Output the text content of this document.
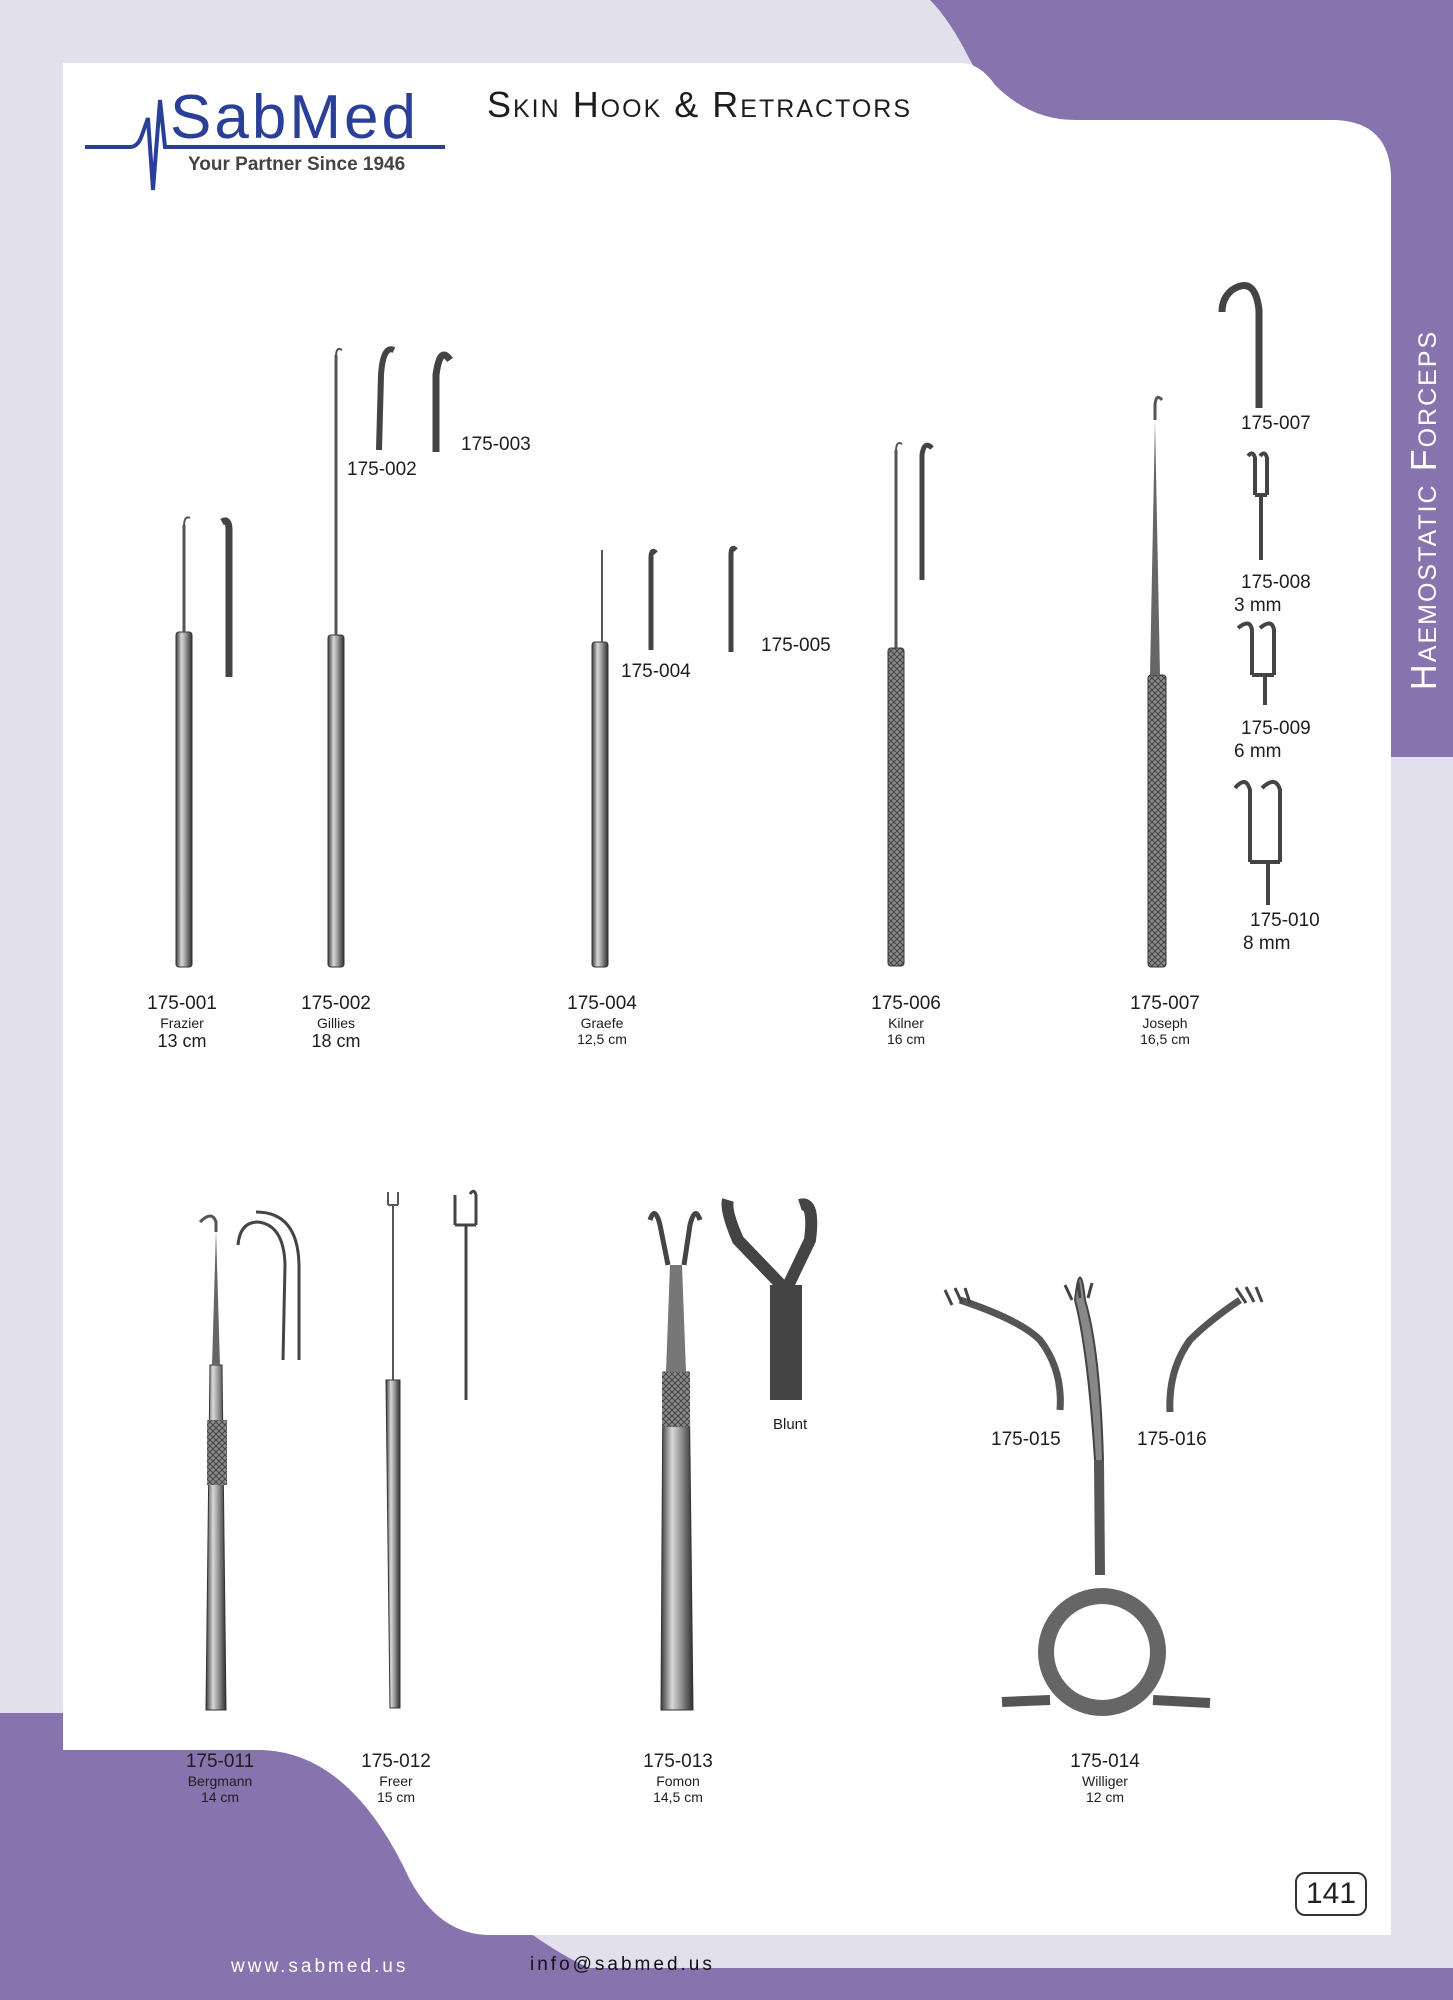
SabMed
Your Partner Since 1946
Skin Hook & Retractors
Haemostatic Forceps
175-001
Frazier
13 cm
175-002
Gillies
18 cm
175-004
Graefe
12,5 cm
175-006
Kilner
16 cm
175-007
Joseph
16,5 cm
175-002
175-003
175-004
175-005
175-007
175-008
3 mm
175-009
6 mm
175-010
8 mm
175-011
Bergmann
14 cm
175-012
Freer
15 cm
175-013
Fomon
14,5 cm
175-014
Williger
12 cm
Blunt
175-015	175-016
141
www.sabmed.us	info@sabmed.us
